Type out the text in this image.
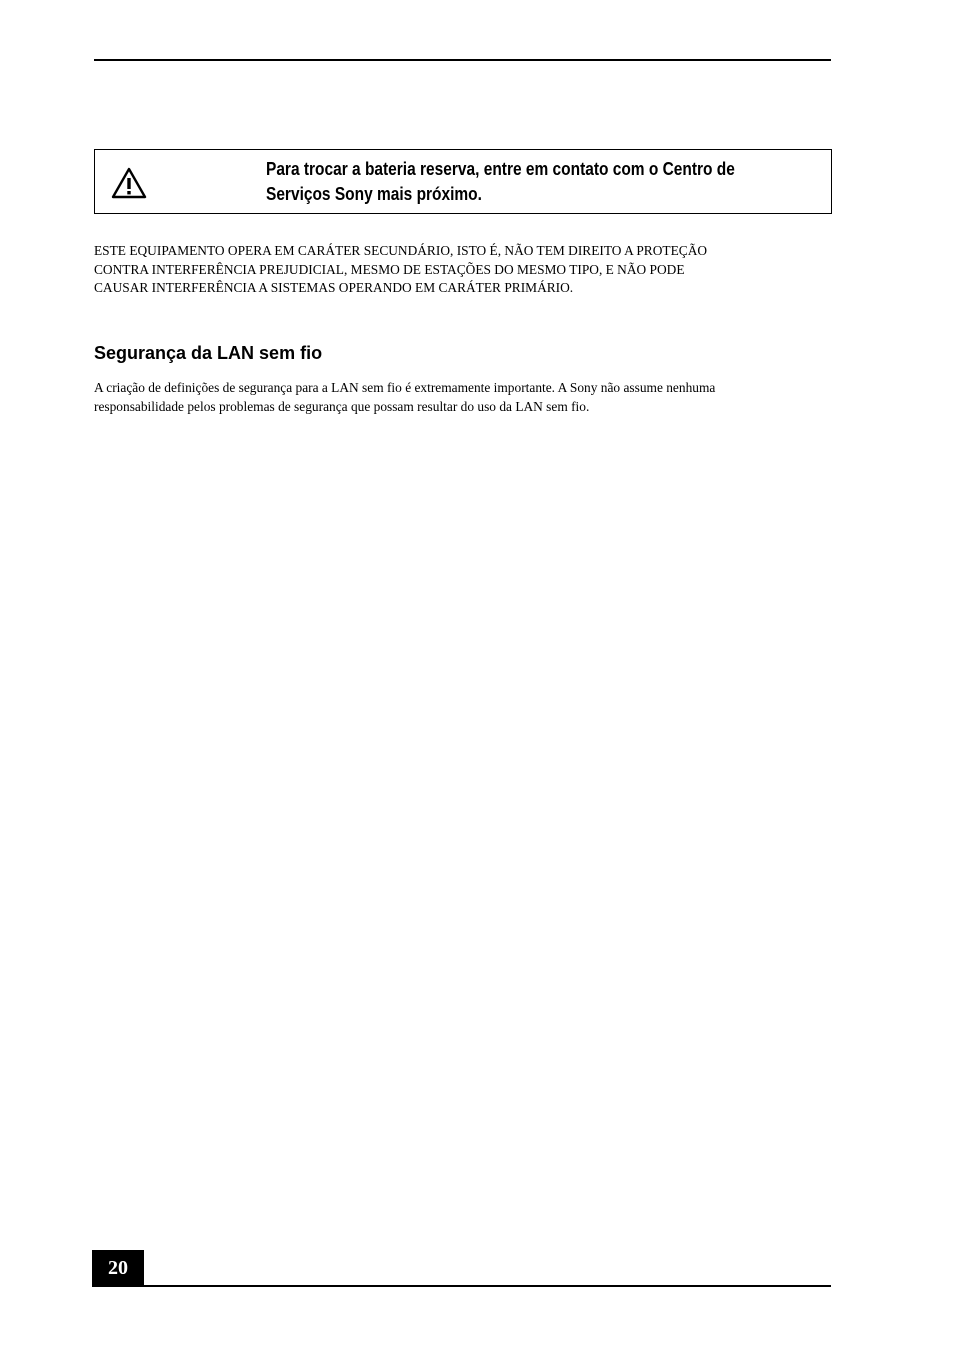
Para trocar a bateria reserva, entre em contato com o Centro de
Serviços Sony mais próximo.
ESTE EQUIPAMENTO OPERA EM CARÁTER SECUNDÁRIO, ISTO É, NÃO TEM DIREITO A PROTEÇÃO
CONTRA INTERFERÊNCIA PREJUDICIAL, MESMO DE ESTAÇÕES DO MESMO TIPO, E NÃO PODE
CAUSAR INTERFERÊNCIA A SISTEMAS OPERANDO EM CARÁTER PRIMÁRIO.
Segurança da LAN sem fio
A criação de definições de segurança para a LAN sem fio é extremamente importante. A Sony não assume nenhuma
responsabilidade pelos problemas de segurança que possam resultar do uso da LAN sem fio.
20
